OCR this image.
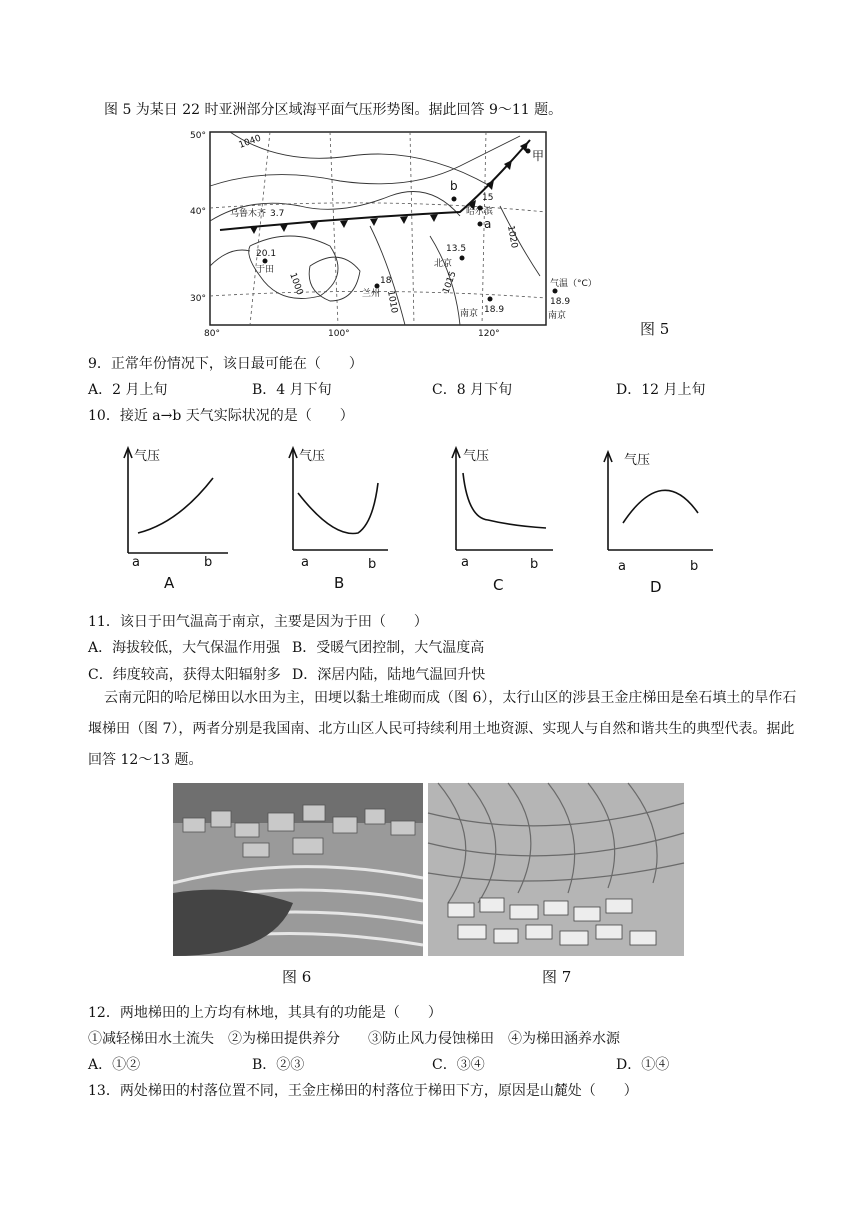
图 5 为某日 22 时亚洲部分区域海平面气压形势图。据此回答 9～11 题。
50°
40°
30°
80°	100°	120°
1040
1000
1010
1015
1020
乌鲁木齐 3.7
20.1
于田
18
兰州
13.5
北京
15
哈尔滨
18.9
南京
气温（°C）
18.9
南京
a
b
甲
图 5
9．正常年份情况下，该日最可能在（　　）
A．2 月上旬	B．4 月下旬	C．8 月下旬	D．12 月上旬
10．接近 a→b 天气实际状况的是（　　）
气压
a	b
气压
a	b
气压
a	b
气压
a	b
A	B	C	D
11．该日于田气温高于南京，主要是因为于田（　　）
A．海拔较低，大气保温作用强 B．受暖气团控制，大气温度高
C．纬度较高，获得太阳辐射多 D．深居内陆，陆地气温回升快
云南元阳的哈尼梯田以水田为主，田埂以黏土堆砌而成（图 6），太行山区的涉县王金庄梯田是垒石填土的旱作石堰梯田（图 7），两者分别是我国南、北方山区人民可持续利用土地资源、实现人与自然和谐共生的典型代表。据此回答 12～13 题。
图 6	图 7
12．两地梯田的上方均有林地，其具有的功能是（　　）
①减轻梯田水土流失　②为梯田提供养分　　③防止风力侵蚀梯田　④为梯田涵养水源
A．①②	B．②③	C．③④	D．①④
13．两处梯田的村落位置不同，王金庄梯田的村落位于梯田下方，原因是山麓处（　　）
